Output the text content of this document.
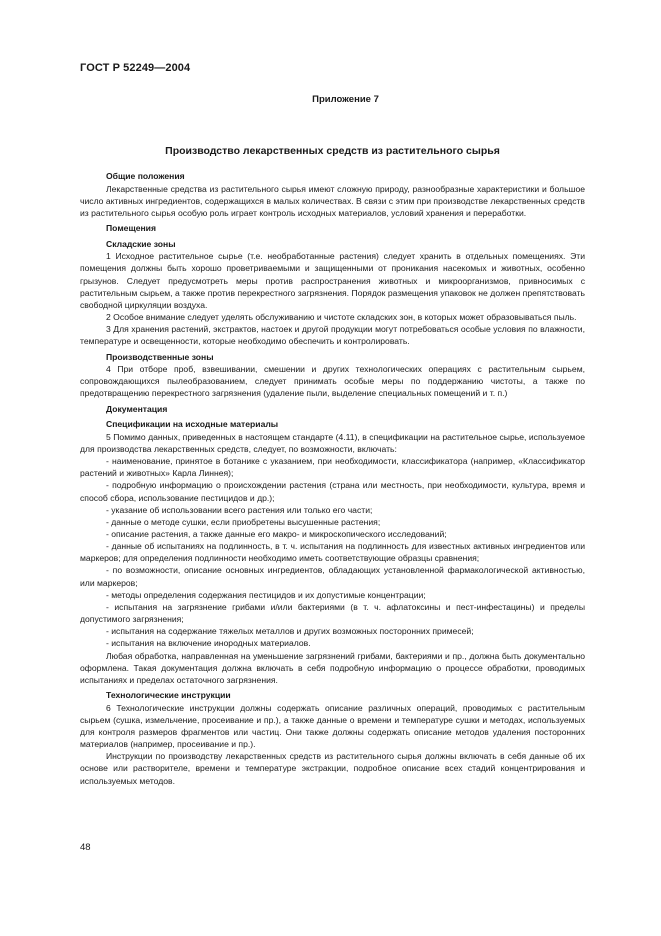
ГОСТ Р 52249—2004
Приложение 7
Производство лекарственных средств из растительного сырья

Общие положения

Лекарственные средства из растительного сырья имеют сложную природу, разнообразные характеристики и большое число активных ингредиентов, содержащихся в малых количествах. В связи с этим при производстве лекарственных средств из растительного сырья особую роль играет контроль исходных материалов, условий хранения и переработки.

Помещения

Складские зоны

1 Исходное растительное сырье (т.е. необработанные растения) следует хранить в отдельных помещениях. Эти помещения должны быть хорошо проветриваемыми и защищенными от проникания насекомых и животных, особенно грызунов. Следует предусмотреть меры против распространения животных и микроорганизмов, привносимых с растительным сырьем, а также против перекрестного загрязнения. Порядок размещения упаковок не должен препятствовать свободной циркуляции воздуха.

2 Особое внимание следует уделять обслуживанию и чистоте складских зон, в которых может образовываться пыль.

3 Для хранения растений, экстрактов, настоек и другой продукции могут потребоваться особые условия по влажности, температуре и освещенности, которые необходимо обеспечить и контролировать.

Производственные зоны

4 При отборе проб, взвешивании, смешении и других технологических операциях с растительным сырьем, сопровождающихся пылеобразованием, следует принимать особые меры по поддержанию чистоты, а также по предотвращению перекрестного загрязнения (удаление пыли, выделение специальных помещений и т. п.)

Документация

Спецификации на исходные материалы

5 Помимо данных, приведенных в настоящем стандарте (4.11), в спецификации на растительное сырье, используемое для производства лекарственных средств, следует, по возможности, включать:

- наименование, принятое в ботанике с указанием, при необходимости, классификатора (например, «Классификатор растений и животных» Карла Линнея);

- подробную информацию о происхождении растения (страна или местность, при необходимости, культура, время и способ сбора, использование пестицидов и др.);

- указание об использовании всего растения или только его части;

- данные о методе сушки, если приобретены высушенные растения;

- описание растения, а также данные его макро- и микроскопического исследований;

- данные об испытаниях на подлинность, в т. ч. испытания на подлинность для известных активных ингредиентов или маркеров; для определения подлинности необходимо иметь соответствующие образцы сравнения;

- по возможности, описание основных ингредиентов, обладающих установленной фармакологической активностью, или маркеров;

- методы определения содержания пестицидов и их допустимые концентрации;

- испытания на загрязнение грибами и/или бактериями (в т. ч. афлатоксины и пест-инфестацины) и пределы допустимого загрязнения;

- испытания на содержание тяжелых металлов и других возможных посторонних примесей;

- испытания на включение инородных материалов.

Любая обработка, направленная на уменьшение загрязнений грибами, бактериями и пр., должна быть документально оформлена. Такая документация должна включать в себя подробную информацию о процессе обработки, проводимых испытаниях и пределах остаточного загрязнения.

Технологические инструкции

6 Технологические инструкции должны содержать описание различных операций, проводимых с растительным сырьем (сушка, измельчение, просеивание и пр.), а также данные о времени и температуре сушки и методах, используемых для контроля размеров фрагментов или частиц. Они также должны содержать описание методов удаления посторонних материалов (например, просеивание и пр.).

Инструкции по производству лекарственных средств из растительного сырья должны включать в себя данные об их основе или растворителе, времени и температуре экстракции, подробное описание всех стадий концентрирования и используемых методов.

48
